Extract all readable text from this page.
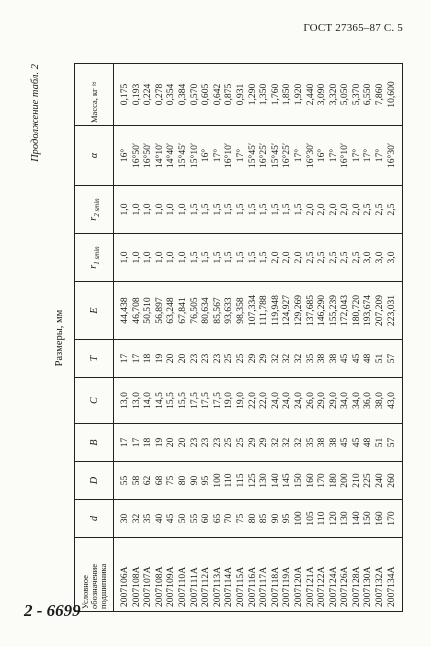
ГОСТ 27365–87 С. 5
Продолжение табл. 2
Размеры, мм
Условное обозначение подшипника	d	D	B	C	T	E	$r_{1 smin}$	$r_{2 smin}$	α	Масса, кг ≈
2007106A	30	55	17	13,0	17	44,438	1,0	1,0	16°	0,175
2007108A	32	58	17	13,0	17	46,708	1,0	1,0	16°50′	0,193
2007107A	35	62	18	14,0	18	50,510	1,0	1,0	16°50′	0,224
2007108A	40	68	19	14,5	19	56,897	1,0	1,0	14°10′	0,278
2007109A	45	75	20	15,5	20	63,248	1,0	1,0	14°40′	0,354
2007110A	50	80	20	15,5	20	67,841	1,0	1,0	15°45′	0,384
2007111A	55	90	23	17,5	23	76,505	1,5	1,5	15°10′	0,570
2007112A	60	95	23	17,5	23	80,634	1,5	1,5	16°	0,605
2007113A	65	100	23	17,5	23	85,567	1,5	1,5	17°	0,642
2007114A	70	110	25	19,0	25	93,633	1,5	1,5	16°10′	0,875
2007115A	75	115	25	19,0	25	98,358	1,5	1,5	17°	0,931
2007116A	80	125	29	22,0	29	107,334	1,5	1,5	15°45′	1,290
2007117A	85	130	29	22,0	29	111,788	1,5	1,5	16°25′	1,350
2007118A	90	140	32	24,0	32	119,948	2,0	1,5	15°45′	1,760
2007119A	95	145	32	24,0	32	124,927	2,0	1,5	16°25′	1,850
2007120A	100	150	32	24,0	32	129,269	2,0	1,5	17°	1,920
2007121A	105	160	35	26,0	35	137,685	2,5	2,0	16°30′	2,440
2007122A	110	170	38	29,0	38	146,290	2,5	2,0	16°	3,090
2007124A	120	180	38	29,0	38	155,239	2,5	2,0	17°	3,320
2007126A	130	200	45	34,0	45	172,043	2,5	2,0	16°10′	5,050
2007128A	140	210	45	34,0	45	180,720	2,5	2,0	17°	5,370
2007130A	150	225	48	36,0	48	193,674	3,0	2,5	17°	6,550
2007132A	160	240	51	38,0	51	207,209	3,0	2,5	17°	7,860
2007134A	170	260	57	43,0	57	223,031	3,0	2,5	16°30′	10,600
2 - 6699
